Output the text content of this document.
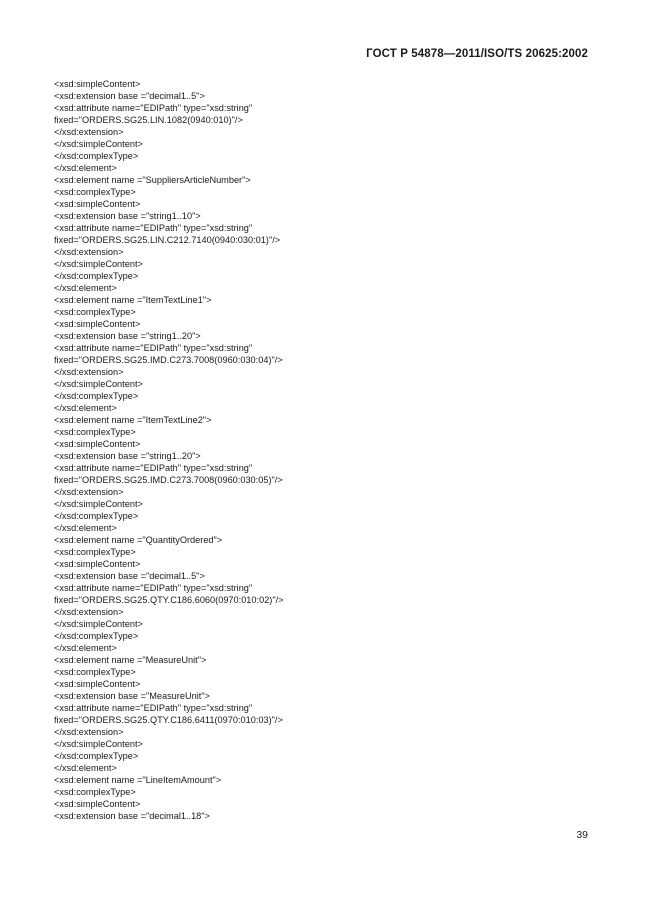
ГОСТ Р 54878—2011/ISO/TS 20625:2002
<xsd:simpleContent>
<xsd:extension base ="decimal1..5">
<xsd:attribute name="EDIPath" type="xsd:string"
fixed="ORDERS.SG25.LIN.1082(0940:010)"/>
</xsd:extension>
</xsd:simpleContent>
</xsd:complexType>
</xsd:element>
<xsd:element name ="SuppliersArticleNumber">
<xsd:complexType>
<xsd:simpleContent>
<xsd:extension base ="string1..10">
<xsd:attribute name="EDIPath" type="xsd:string"
fixed="ORDERS.SG25.LIN.C212.7140(0940:030:01)"/>
</xsd:extension>
</xsd:simpleContent>
</xsd:complexType>
</xsd:element>
<xsd:element name ="ItemTextLine1">
<xsd:complexType>
<xsd:simpleContent>
<xsd:extension base ="string1..20">
<xsd:attribute name="EDIPath" type="xsd:string"
fixed="ORDERS.SG25.IMD.C273.7008(0960:030:04)"/>
</xsd:extension>
</xsd:simpleContent>
</xsd:complexType>
</xsd:element>
<xsd:element name ="ItemTextLine2">
<xsd:complexType>
<xsd:simpleContent>
<xsd:extension base ="string1..20">
<xsd:attribute name="EDIPath" type="xsd:string"
fixed="ORDERS.SG25.IMD.C273.7008(0960:030:05)"/>
</xsd:extension>
</xsd:simpleContent>
</xsd:complexType>
</xsd:element>
<xsd:element name ="QuantityOrdered">
<xsd:complexType>
<xsd:simpleContent>
<xsd:extension base ="decimal1..5">
<xsd:attribute name="EDIPath" type="xsd:string"
fixed="ORDERS.SG25.QTY.C186.6060(0970:010:02)"/>
</xsd:extension>
</xsd:simpleContent>
</xsd:complexType>
</xsd:element>
<xsd:element name ="MeasureUnit">
<xsd:complexType>
<xsd:simpleContent>
<xsd:extension base ="MeasureUnit">
<xsd:attribute name="EDIPath" type="xsd:string"
fixed="ORDERS.SG25.QTY.C186.6411(0970:010:03)"/>
</xsd:extension>
</xsd:simpleContent>
</xsd:complexType>
</xsd:element>
<xsd:element name ="LineItemAmount">
<xsd:complexType>
<xsd:simpleContent>
<xsd:extension base ="decimal1..18">
39
